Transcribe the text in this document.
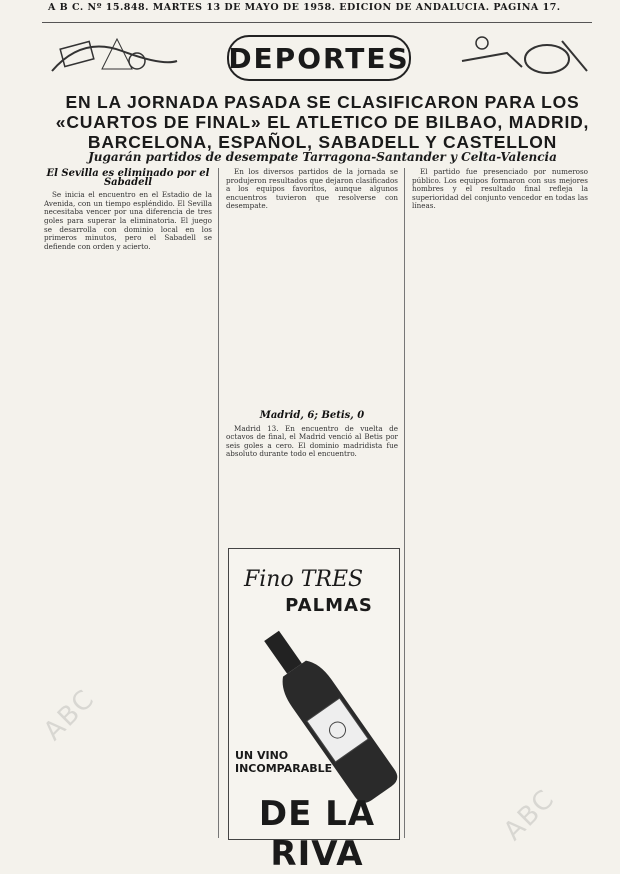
A B C. Nº 15.848. MARTES 13 DE MAYO DE 1958. EDICION DE ANDALUCIA. PAGINA 17.
DEPORTES
EN LA JORNADA PASADA SE CLASIFICARON PARA LOS «CUARTOS DE FINAL» EL ATLETICO DE BILBAO, MADRID, BARCELONA, ESPAÑOL, SABADELL Y CASTELLON
Jugarán partidos de desempate Tarragona-Santander y Celta-Valencia
El Sevilla es eliminado por el Sabadell

Se inicia el encuentro en el Estadio de la Avenida, con un tiempo espléndido. El Sevilla necesitaba vencer por una diferencia de tres goles para superar la eliminatoria. El juego se desarrolla con dominio local en los primeros minutos, pero el Sabadell se defiende con orden y acierto.

En los diversos partidos de la jornada se produjeron resultados que dejaron clasificados a los equipos favoritos, aunque algunos encuentros tuvieron que resolverse con desempate.

Madrid, 6; Betis, 0

Madrid 13. En encuentro de vuelta de octavos de final, el Madrid venció al Betis por seis goles a cero. El dominio madridista fue absoluto durante todo el encuentro.

El partido fue presenciado por numeroso público. Los equipos formaron con sus mejores hombres y el resultado final refleja la superioridad del conjunto vencedor en todas las líneas.

Fino TRES
PALMAS
UN VINO INCOMPARABLE
DE LA RIVA
ABC
ABC
